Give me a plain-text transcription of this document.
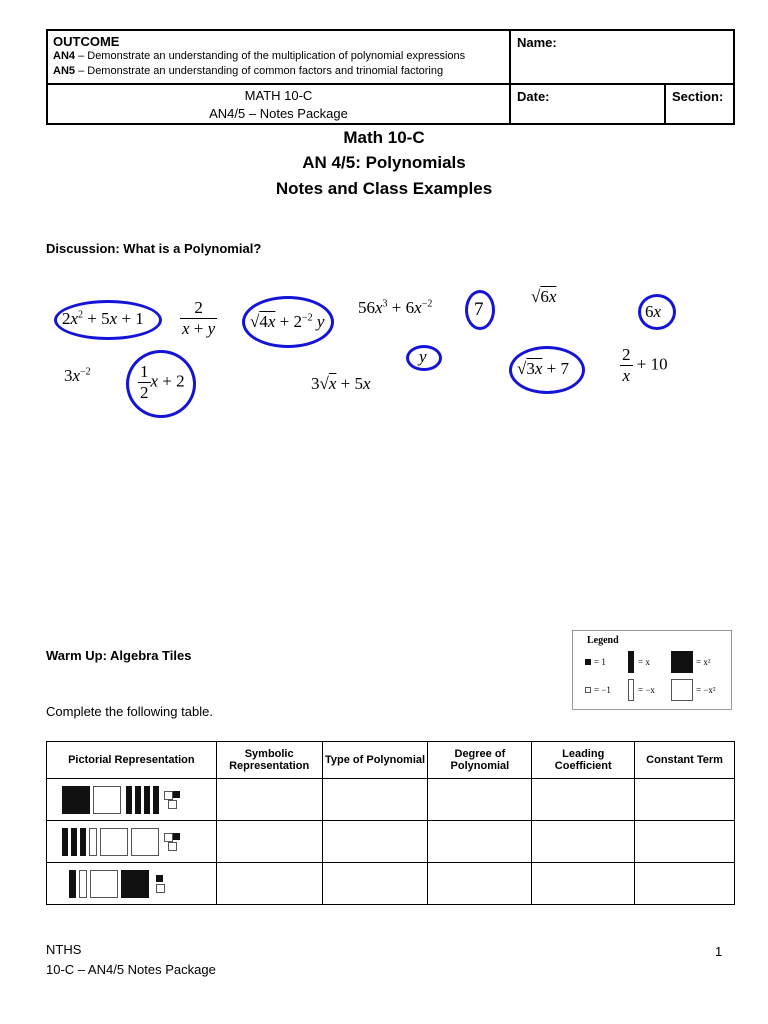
OUTCOME
AN4 – Demonstrate an understanding of the multiplication of polynomial expressions
AN5 – Demonstrate an understanding of common factors and trinomial factoring
Name:
MATH 10-C
AN4/5 – Notes Package
Date:	Section:
Math 10-C
AN 4/5: Polynomials
Notes and Class Examples
Discussion: What is a Polynomial?
$2x^2 + 5x + 1 \frac{2}{x + y} √4x + 2^{-2}$ y
$56x^3 + 6x^{-2}$ 7
√6x
6x
$3x^{-2}$	$\frac{1}{2}$ x + 2	3√x + 5x
y
√3x + 7	$\frac{2}{x} + 10$
Warm Up: Algebra Tiles
Complete the following table.
Legend
= 1	= x	= x²
= −1	= −x	= −x²
Pictorial Representation	Symbolic Representation	Type of Polynomial	Degree of Polynomial	Leading Coefficient	Constant Term

NTHS
10-C – AN4/5 Notes Package
1
